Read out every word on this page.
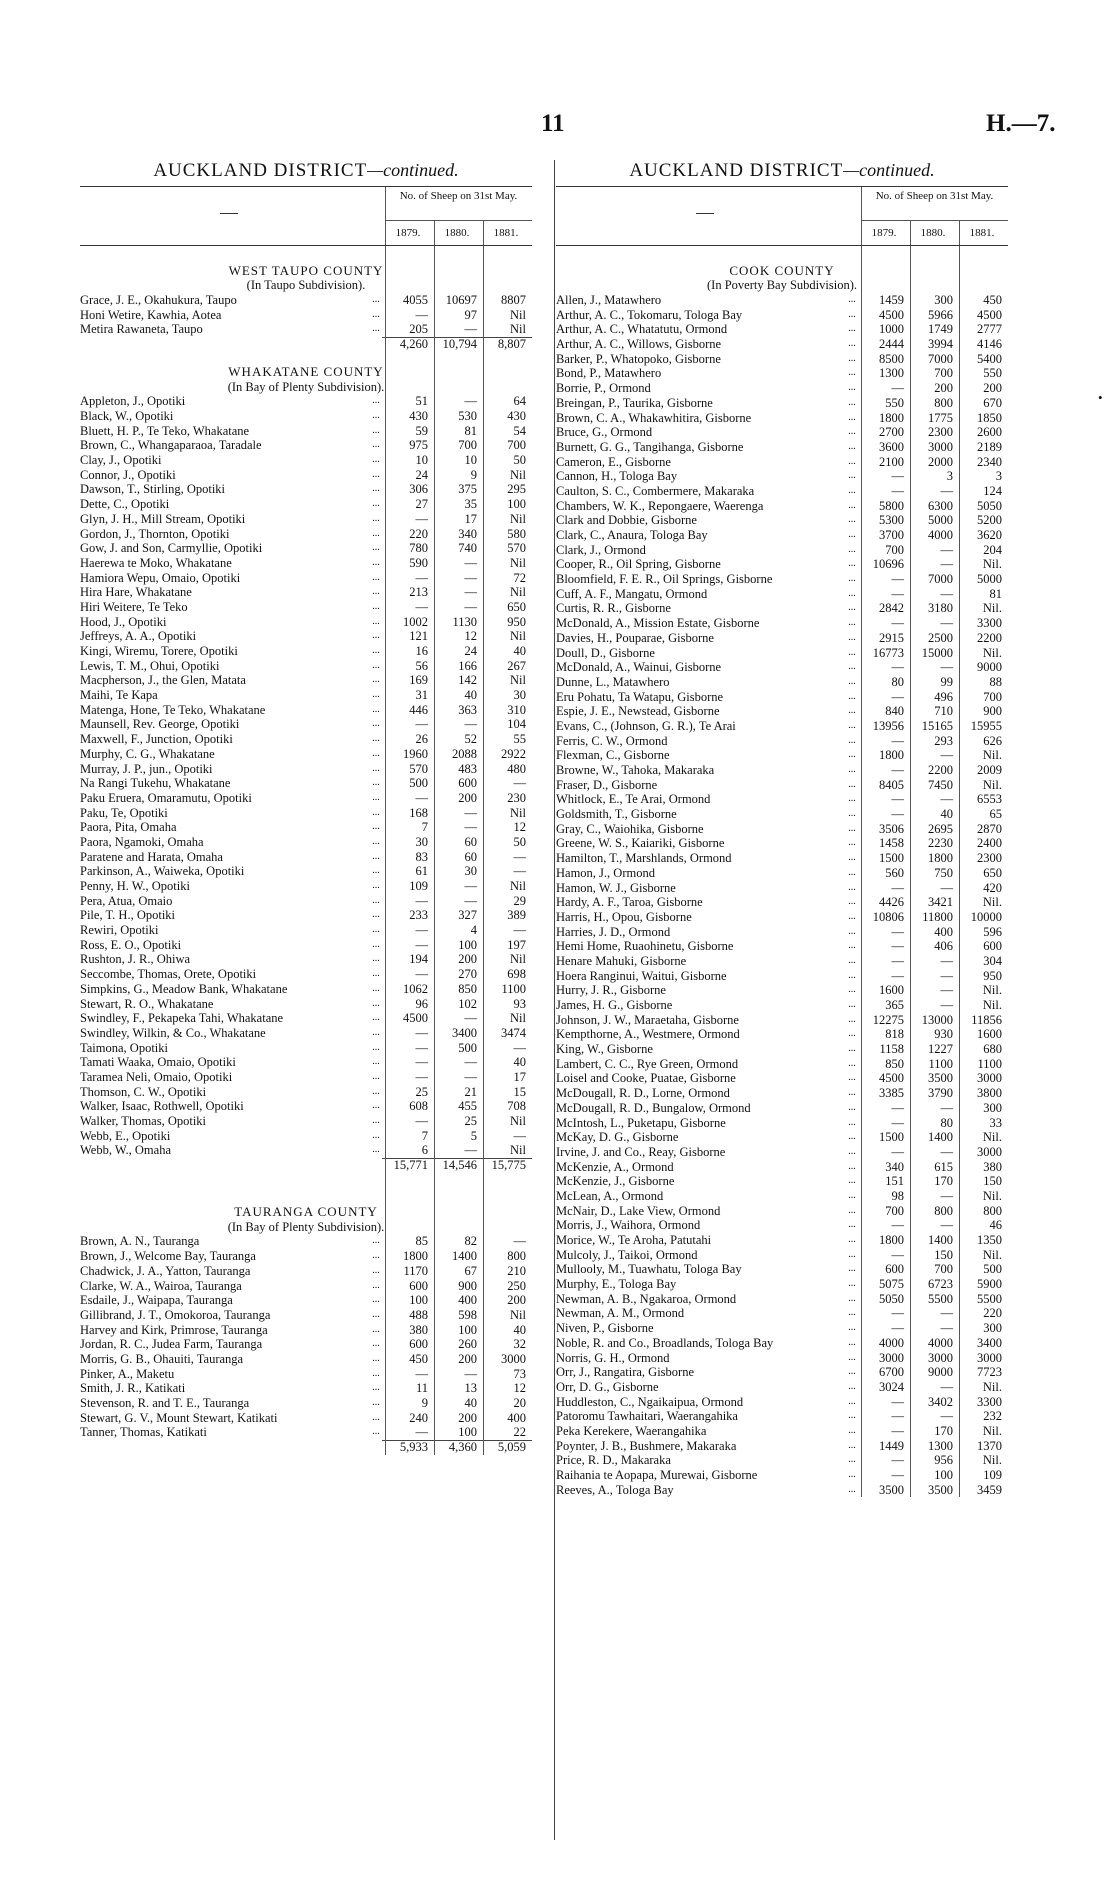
11	H.—7.
AUCKLAND DISTRICT—continued.
No. of Sheep on 31st May.
1879.	1880.	1881.
WEST TAUPO COUNTY
(In Taupo Subdivision).
Grace, J. E., Okahukura, Taupo	...	4055	10697	8807
Honi Wetire, Kawhia, Aotea	...	—	97	Nil
Metira Rawaneta, Taupo	...	205	—	Nil
4,260	10,794	8,807
WHAKATANE COUNTY
(In Bay of Plenty Subdivision).
Appleton, J., Opotiki	...	51	—	64
Black, W., Opotiki	...	430	530	430
Bluett, H. P., Te Teko, Whakatane	...	59	81	54
Brown, C., Whangaparaoa, Taradale	...	975	700	700
Clay, J., Opotiki	...	10	10	50
Connor, J., Opotiki	...	24	9	Nil
Dawson, T., Stirling, Opotiki	...	306	375	295
Dette, C., Opotiki	...	27	35	100
Glyn, J. H., Mill Stream, Opotiki	...	—	17	Nil
Gordon, J., Thornton, Opotiki	...	220	340	580
Gow, J. and Son, Carmyllie, Opotiki	...	780	740	570
Haerewa te Moko, Whakatane	...	590	—	Nil
Hamiora Wepu, Omaio, Opotiki	...	—	—	72
Hira Hare, Whakatane	...	213	—	Nil
Hiri Weitere, Te Teko	...	—	—	650
Hood, J., Opotiki	...	1002	1130	950
Jeffreys, A. A., Opotiki	...	121	12	Nil
Kingi, Wiremu, Torere, Opotiki	...	16	24	40
Lewis, T. M., Ohui, Opotiki	...	56	166	267
Macpherson, J., the Glen, Matata	...	169	142	Nil
Maihi, Te Kapa	...	31	40	30
Matenga, Hone, Te Teko, Whakatane	...	446	363	310
Maunsell, Rev. George, Opotiki	...	—	—	104
Maxwell, F., Junction, Opotiki	...	26	52	55
Murphy, C. G., Whakatane	...	1960	2088	2922
Murray, J. P., jun., Opotiki	...	570	483	480
Na Rangi Tukehu, Whakatane	...	500	600	—
Paku Eruera, Omaramutu, Opotiki	...	—	200	230
Paku, Te, Opotiki	...	168	—	Nil
Paora, Pita, Omaha	...	7	—	12
Paora, Ngamoki, Omaha	...	30	60	50
Paratene and Harata, Omaha	...	83	60	—
Parkinson, A., Waiweka, Opotiki	...	61	30	—
Penny, H. W., Opotiki	...	109	—	Nil
Pera, Atua, Omaio	...	—	—	29
Pile, T. H., Opotiki	...	233	327	389
Rewiri, Opotiki	...	—	4	—
Ross, E. O., Opotiki	...	—	100	197
Rushton, J. R., Ohiwa	...	194	200	Nil
Seccombe, Thomas, Orete, Opotiki	...	—	270	698
Simpkins, G., Meadow Bank, Whakatane	...	1062	850	1100
Stewart, R. O., Whakatane	...	96	102	93
Swindley, F., Pekapeka Tahi, Whakatane	...	4500	—	Nil
Swindley, Wilkin, & Co., Whakatane	...	—	3400	3474
Taimona, Opotiki	...	—	500	—
Tamati Waaka, Omaio, Opotiki	...	—	—	40
Taramea Neli, Omaio, Opotiki	...	—	—	17
Thomson, C. W., Opotiki	...	25	21	15
Walker, Isaac, Rothwell, Opotiki	...	608	455	708
Walker, Thomas, Opotiki	...	—	25	Nil
Webb, E., Opotiki	...	7	5	—
Webb, W., Omaha	...	6	—	Nil
15,771	14,546	15,775
TAURANGA COUNTY
(In Bay of Plenty Subdivision).
Brown, A. N., Tauranga	...	85	82	—
Brown, J., Welcome Bay, Tauranga	...	1800	1400	800
Chadwick, J. A., Yatton, Tauranga	...	1170	67	210
Clarke, W. A., Wairoa, Tauranga	...	600	900	250
Esdaile, J., Waipapa, Tauranga	...	100	400	200
Gillibrand, J. T., Omokoroa, Tauranga	...	488	598	Nil
Harvey and Kirk, Primrose, Tauranga	...	380	100	40
Jordan, R. C., Judea Farm, Tauranga	...	600	260	32
Morris, G. B., Ohauiti, Tauranga	...	450	200	3000
Pinker, A., Maketu	...	—	—	73
Smith, J. R., Katikati	...	11	13	12
Stevenson, R. and T. E., Tauranga	...	9	40	20
Stewart, G. V., Mount Stewart, Katikati	...	240	200	400
Tanner, Thomas, Katikati	...	—	100	22
5,933	4,360	5,059
AUCKLAND DISTRICT—continued.
No. of Sheep on 31st May.
1879.	1880.	1881.
COOK COUNTY
(In Poverty Bay Subdivision).
Allen, J., Matawhero	...	1459	300	450
Arthur, A. C., Tokomaru, Tologa Bay	...	4500	5966	4500
Arthur, A. C., Whatatutu, Ormond	...	1000	1749	2777
Arthur, A. C., Willows, Gisborne	...	2444	3994	4146
Barker, P., Whatopoko, Gisborne	...	8500	7000	5400
Bond, P., Matawhero	...	1300	700	550
Borrie, P., Ormond	...	—	200	200
Breingan, P., Taurika, Gisborne	...	550	800	670
Brown, C. A., Whakawhitira, Gisborne	...	1800	1775	1850
Bruce, G., Ormond	...	2700	2300	2600
Burnett, G. G., Tangihanga, Gisborne	...	3600	3000	2189
Cameron, E., Gisborne	...	2100	2000	2340
Cannon, H., Tologa Bay	...	—	3	3
Caulton, S. C., Combermere, Makaraka	...	—	—	124
Chambers, W. K., Repongaere, Waerenga	...	5800	6300	5050
Clark and Dobbie, Gisborne	...	5300	5000	5200
Clark, C., Anaura, Tologa Bay	...	3700	4000	3620
Clark, J., Ormond	...	700	—	204
Cooper, R., Oil Spring, Gisborne	...	10696	—	Nil.
Bloomfield, F. E. R., Oil Springs, Gisborne	...	—	7000	5000
Cuff, A. F., Mangatu, Ormond	...	—	—	81
Curtis, R. R., Gisborne	...	2842	3180	Nil.
McDonald, A., Mission Estate, Gisborne	...	—	—	3300
Davies, H., Pouparae, Gisborne	...	2915	2500	2200
Doull, D., Gisborne	...	16773	15000	Nil.
McDonald, A., Wainui, Gisborne	...	—	—	9000
Dunne, L., Matawhero	...	80	99	88
Eru Pohatu, Ta Watapu, Gisborne	...	—	496	700
Espie, J. E., Newstead, Gisborne	...	840	710	900
Evans, C., (Johnson, G. R.), Te Arai	...	13956	15165	15955
Ferris, C. W., Ormond	...	—	293	626
Flexman, C., Gisborne	...	1800	—	Nil.
Browne, W., Tahoka, Makaraka	...	—	2200	2009
Fraser, D., Gisborne	...	8405	7450	Nil.
Whitlock, E., Te Arai, Ormond	...	—	—	6553
Goldsmith, T., Gisborne	...	—	40	65
Gray, C., Waiohika, Gisborne	...	3506	2695	2870
Greene, W. S., Kaiariki, Gisborne	...	1458	2230	2400
Hamilton, T., Marshlands, Ormond	...	1500	1800	2300
Hamon, J., Ormond	...	560	750	650
Hamon, W. J., Gisborne	...	—	—	420
Hardy, A. F., Taroa, Gisborne	...	4426	3421	Nil.
Harris, H., Opou, Gisborne	...	10806	11800	10000
Harries, J. D., Ormond	...	—	400	596
Hemi Home, Ruaohinetu, Gisborne	...	—	406	600
Henare Mahuki, Gisborne	...	—	—	304
Hoera Ranginui, Waitui, Gisborne	...	—	—	950
Hurry, J. R., Gisborne	...	1600	—	Nil.
James, H. G., Gisborne	...	365	—	Nil.
Johnson, J. W., Maraetaha, Gisborne	...	12275	13000	11856
Kempthorne, A., Westmere, Ormond	...	818	930	1600
King, W., Gisborne	...	1158	1227	680
Lambert, C. C., Rye Green, Ormond	...	850	1100	1100
Loisel and Cooke, Puatae, Gisborne	...	4500	3500	3000
McDougall, R. D., Lorne, Ormond	...	3385	3790	3800
McDougall, R. D., Bungalow, Ormond	...	—	—	300
McIntosh, L., Puketapu, Gisborne	...	—	80	33
McKay, D. G., Gisborne	...	1500	1400	Nil.
Irvine, J. and Co., Reay, Gisborne	...	—	—	3000
McKenzie, A., Ormond	...	340	615	380
McKenzie, J., Gisborne	...	151	170	150
McLean, A., Ormond	...	98	—	Nil.
McNair, D., Lake View, Ormond	...	700	800	800
Morris, J., Waihora, Ormond	...	—	—	46
Morice, W., Te Aroha, Patutahi	...	1800	1400	1350
Mulcoly, J., Taikoi, Ormond	...	—	150	Nil.
Mullooly, M., Tuawhatu, Tologa Bay	...	600	700	500
Murphy, E., Tologa Bay	...	5075	6723	5900
Newman, A. B., Ngakaroa, Ormond	...	5050	5500	5500
Newman, A. M., Ormond	...	—	—	220
Niven, P., Gisborne	...	—	—	300
Noble, R. and Co., Broadlands, Tologa Bay	...	4000	4000	3400
Norris, G. H., Ormond	...	3000	3000	3000
Orr, J., Rangatira, Gisborne	...	6700	9000	7723
Orr, D. G., Gisborne	...	3024	—	Nil.
Huddleston, C., Ngaikaipua, Ormond	...	—	3402	3300
Patoromu Tawhaitari, Waerangahika	...	—	—	232
Peka Kerekere, Waerangahika	...	—	170	Nil.
Poynter, J. B., Bushmere, Makaraka	...	1449	1300	1370
Price, R. D., Makaraka	...	—	956	Nil.
Raihania te Aopapa, Murewai, Gisborne	...	—	100	109
Reeves, A., Tologa Bay	...	3500	3500	3459
•
